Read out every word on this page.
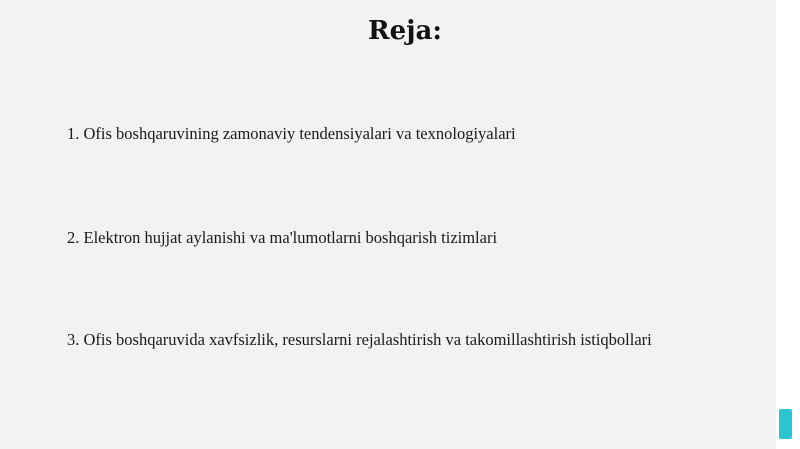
Reja:
1. Ofis boshqaruvining zamonaviy tendensiyalari va texnologiyalari
2. Elektron hujjat aylanishi va ma'lumotlarni boshqarish tizimlari
3. Ofis boshqaruvida xavfsizlik, resurslarni rejalashtirish va takomillashtirish istiqbollari
